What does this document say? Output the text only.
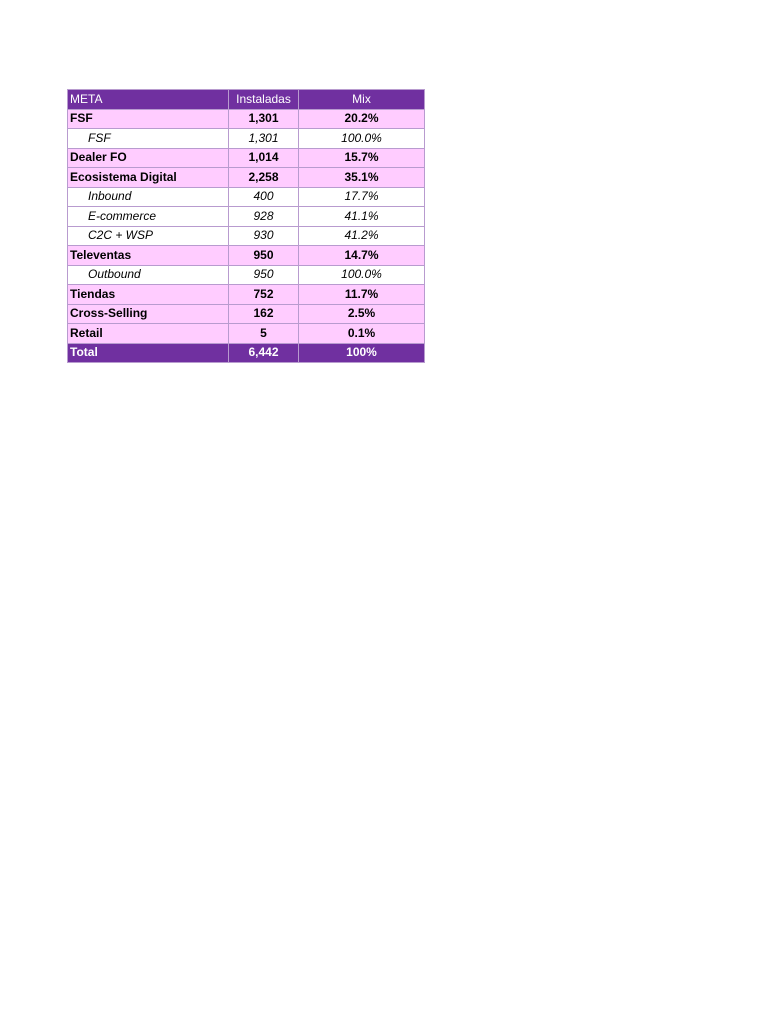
META	Instaladas	Mix
FSF	1,301	20.2%
FSF	1,301	100.0%
Dealer FO	1,014	15.7%
Ecosistema Digital	2,258	35.1%
Inbound	400	17.7%
E-commerce	928	41.1%
C2C + WSP	930	41.2%
Televentas	950	14.7%
Outbound	950	100.0%
Tiendas	752	11.7%
Cross-Selling	162	2.5%
Retail	5	0.1%
Total	6,442	100%
